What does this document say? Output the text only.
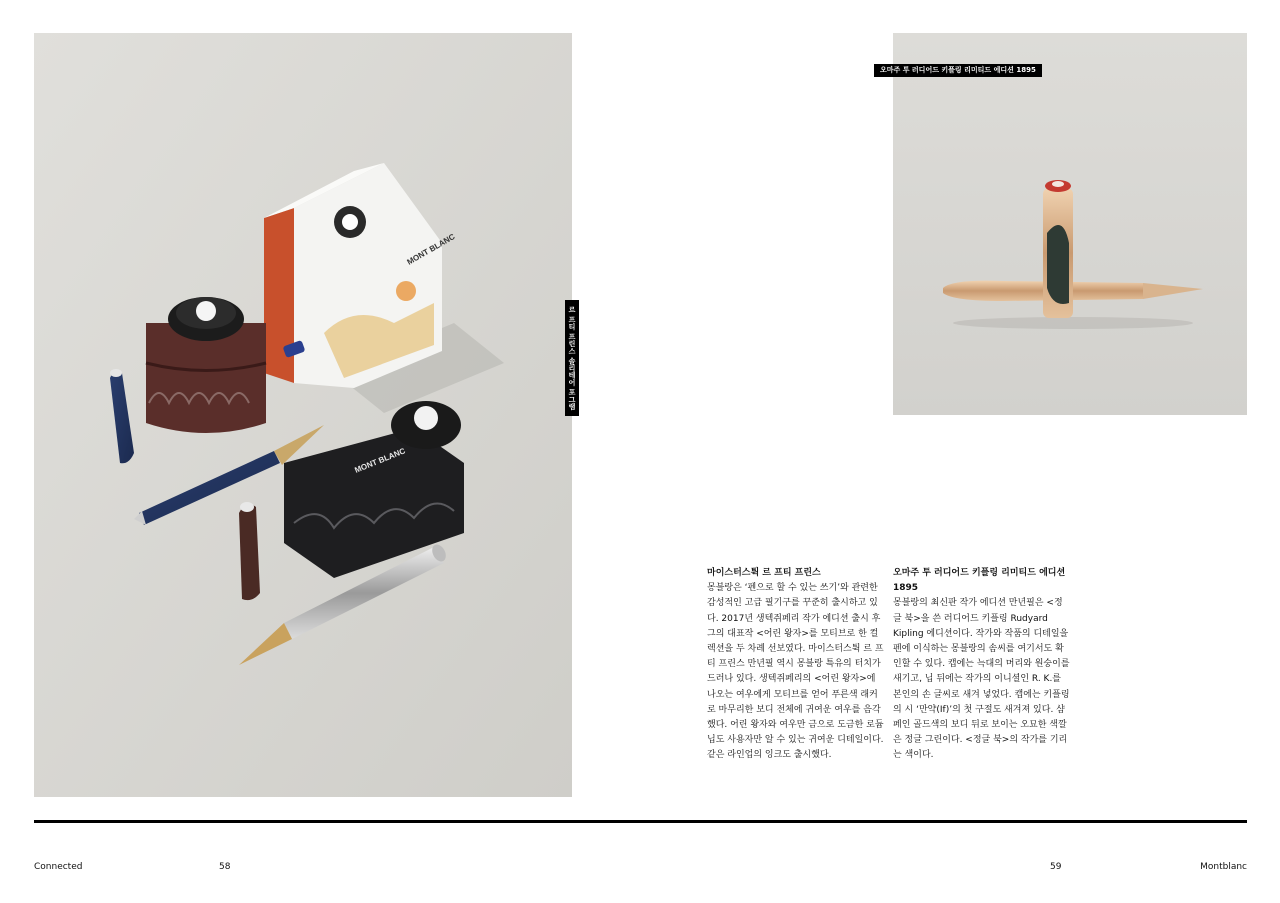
MONT BLANC
MONT BLANC
르 프티 프린스 솔리테어 포그램
오마주 투 러디어드 키플링 리미티드 에디션 1895
마이스터스튁 르 프티 프린스

몽블랑은 ‘펜으로 할 수 있는 쓰기’와 관련한 감성적인 고급 필기구를 꾸준히 출시하고 있다. 2017년 생텍쥐페리 작가 에디션 출시 후 그의 대표작 <어린 왕자>를 모티브로 한 컬렉션을 두 차례 선보였다. 마이스터스튁 르 프티 프린스 만년필 역시 몽블랑 특유의 터치가 드러나 있다. 생텍쥐페리의 <어린 왕자>에 나오는 여우에게 모티브를 얻어 푸른색 래커로 마무리한 보디 전체에 귀여운 여우를 음각했다. 어린 왕자와 여우만 금으로 도금한 로듐 닙도 사용자만 알 수 있는 귀여운 디테일이다. 같은 라인업의 잉크도 출시했다.

오마주 투 러디어드 키플링 리미티드 에디션 1895

몽블랑의 최신판 작가 에디션 만년필은 <정글 북>을 쓴 러디어드 키플링 Rudyard Kipling 에디션이다. 작가와 작품의 디테일을 펜에 이식하는 몽블랑의 솜씨를 여기서도 확인할 수 있다. 캡에는 늑대의 머리와 원숭이를 새기고, 닙 뒤에는 작가의 이니셜인 R. K.를 본인의 손 글씨로 새겨 넣었다. 캡에는 키플링의 시 ‘만약(If)’의 첫 구절도 새겨져 있다. 샴페인 골드색의 보디 뒤로 보이는 오묘한 색깔은 정글 그린이다. <정글 북>의 작가를 기리는 색이다.

Connected	58	59	Montblanc
